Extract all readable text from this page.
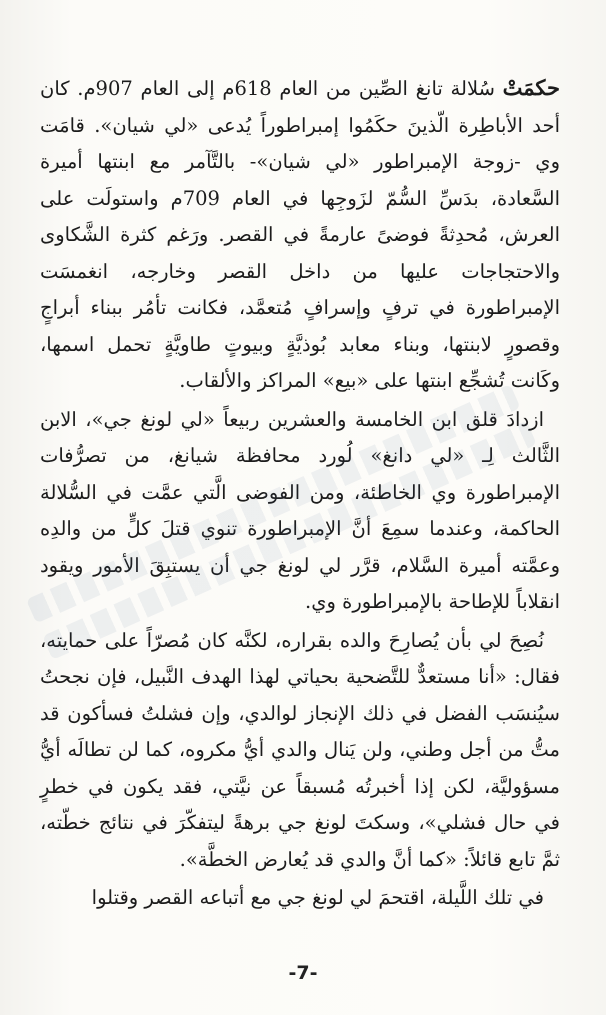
حكمَتْ سُلالة تانغ الصِّين من العام 618م إلى العام 907م. كان أحد الأباطِرة الّذينَ حكَمُوا إمبراطوراً يُدعى «لي شيان». قامَت وي -زوجة الإمبراطور «لي شيان»- بالتَّآمر مع ابنتها أميرة السَّعادة، بدَسِّ السُّمّ لزَوجِها في العام 709م واستولَت على العرش، مُحدِثةً فوضىً عارمةً في القصر. ورَغم كثرة الشَّكاوى والاحتجاجات عليها من داخل القصر وخارجه، انغمسَت الإمبراطورة في ترفٍ وإسرافٍ مُتعمَّد، فكانت تأمُر ببناء أبراجٍ وقصورٍ لابنتها، وبناء معابد بُوذيَّةٍ وبيوتٍ طاويَّةٍ تحمل اسمها، وكَانت تُشجِّع ابنتها على «بيع» المراكز والألقاب.

ازدادَ قلق ابن الخامسة والعشرين ربيعاً «لي لونغ جي»، الابن الثَّالث لِـ «لي دانغ» لُورد محافظة شيانغ، من تصرُّفات الإمبراطورة وي الخاطئة، ومن الفوضى الَّتي عمَّت في السُّلالة الحاكمة، وعندما سمِعَ أنَّ الإمبراطورة تنوي قتلَ كلٍّ من والدِه وعمَّته أميرة السَّلام، قرَّر لي لونغ جي أن يستبِقَ الأمور ويقود انقلاباً للإطاحة بالإمبراطورة وي.

نُصِحَ لي بأن يُصارِحَ والده بقراره، لكنَّه كان مُصرّاً على حمايته، فقال: «أنا مستعدٌّ للتَّضحية بحياتي لهذا الهدف النَّبيل، فإن نجحتُ سيُنسَب الفضل في ذلك الإنجاز لوالدي، وإن فشلتُ فسأكون قد متُّ من أجل وطني، ولن يَنال والدي أيُّ مكروه، كما لن تطالَه أيُّ مسؤوليَّة، لكن إذا أخبرتُه مُسبقاً عن نيَّتي، فقد يكون في خطرٍ في حال فشلي»، وسكتَ لونغ جي برهةً ليتفكّرَ في نتائج خطّته، ثمَّ تابع قائلاً: «كما أنَّ والدي قد يُعارض الخطَّة».

في تلك اللَّيلة، اقتحمَ لي لونغ جي مع أتباعه القصر وقتلوا

-7-
